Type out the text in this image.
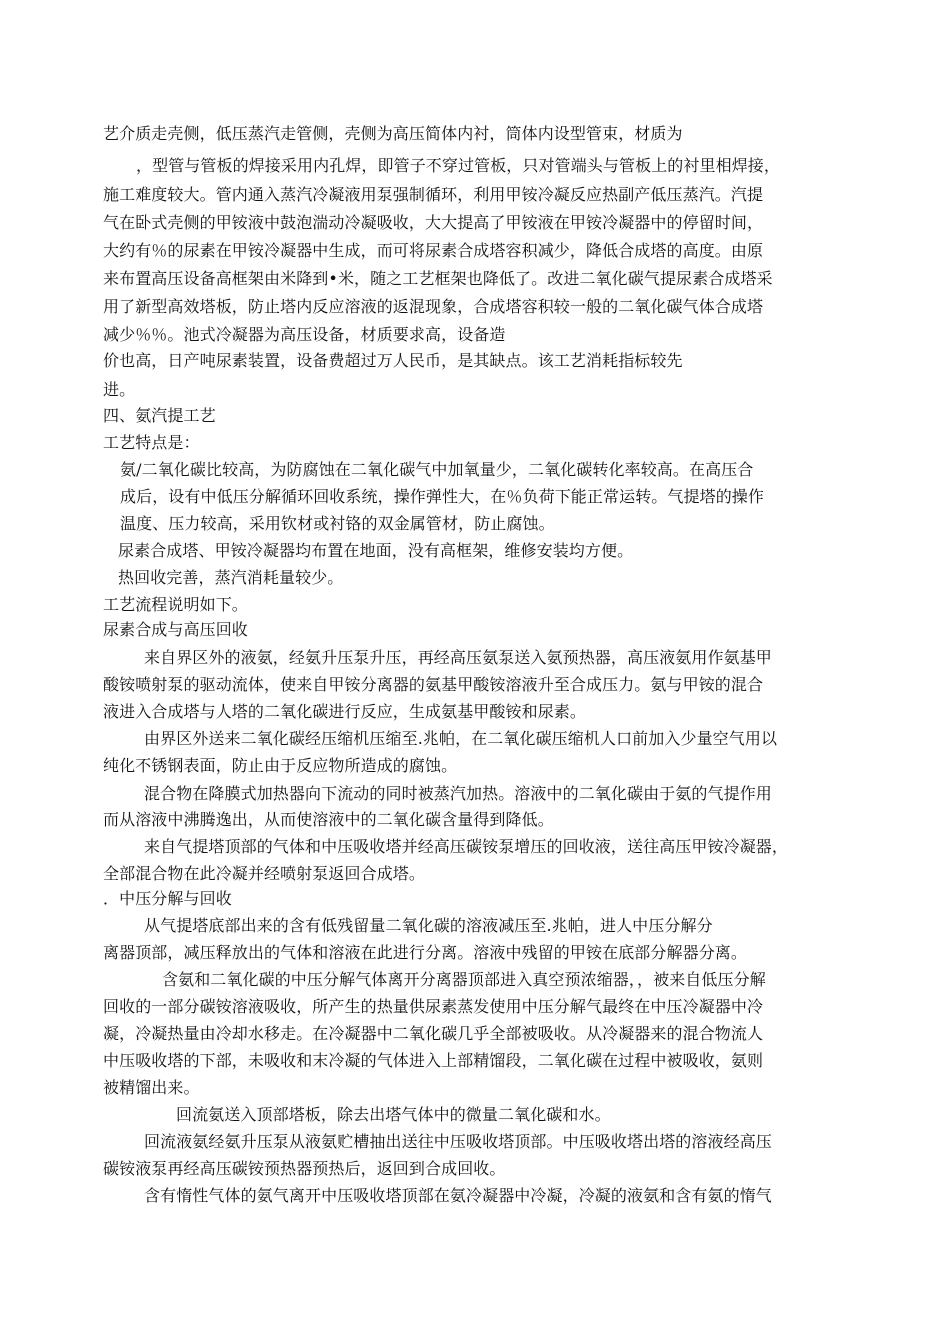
艺介质走壳侧，低压蒸汽走管侧，壳侧为高压简体内衬，筒体内设型管束，材质为
，型管与管板的焊接采用内孔焊，即管子不穿过管板，只对管端头与管板上的衬里相焊接，
施工难度较大。管内通入蒸汽冷凝液用泵强制循环，利用甲铵冷凝反应热副产低压蒸汽。汽提
气在卧式壳侧的甲铵液中鼓泡湍动冷凝吸收，大大提高了甲铵液在甲铵冷凝器中的停留时间，
大约有％的尿素在甲铵冷凝器中生成，而可将尿素合成塔容积减少，降低合成塔的高度。由原
来布置高压设备高框架由米降到•米，随之工艺框架也降低了。改进二氧化碳气提尿素合成塔采
用了新型高效塔板，防止塔内反应溶液的返混现象，合成塔容积较一般的二氧化碳气体合成塔
减少％％。池式冷凝器为高压设备，材质要求高，设备造
价也高，日产吨尿素装置，设备费超过万人民币，是其缺点。该工艺消耗指标较先
进。
四、氨汽提工艺
工艺特点是：
氨/二氧化碳比较高，为防腐蚀在二氧化碳气中加氧量少，二氧化碳转化率较高。在高压合
成后，设有中低压分解循环回收系统，操作弹性大，在％负荷下能正常运转。气提塔的操作
温度、压力较高，采用钦材或衬铬的双金属管材，防止腐蚀。
尿素合成塔、甲铵冷凝器均布置在地面，没有高框架，维修安装均方便。
热回收完善，蒸汽消耗量较少。
工艺流程说明如下。
尿素合成与高压回收
来自界区外的液氨，经氨升压泵升压，再经高压氨泵送入氨预热器，高压液氨用作氨基甲
酸铵喷射泵的驱动流体，使来自甲铵分离器的氨基甲酸铵溶液升至合成压力。氨与甲铵的混合
液进入合成塔与人塔的二氧化碳进行反应，生成氨基甲酸铵和尿素。
由界区外送来二氧化碳经压缩机压缩至.兆帕，在二氧化碳压缩机人口前加入少量空气用以
纯化不锈钢表面，防止由于反应物所造成的腐蚀。
混合物在降膜式加热器向下流动的同时被蒸汽加热。溶液中的二氧化碳由于氨的气提作用
而从溶液中沸腾逸出，从而使溶液中的二氧化碳含量得到降低。
来自气提塔顶部的气体和中压吸收塔并经高压碳铵泵增压的回收液，送往高压甲铵冷凝器，
全部混合物在此冷凝并经喷射泵返回合成塔。
．中压分解与回收
从气提塔底部出来的含有低残留量二氧化碳的溶液减压至.兆帕，进人中压分解分
离器顶部，减压释放出的气体和溶液在此进行分离。溶液中残留的甲铵在底部分解器分离。
含氨和二氧化碳的中压分解气体离开分离器顶部进入真空预浓缩器，，被来自低压分解
回收的一部分碳铵溶液吸收，所产生的热量供尿素蒸发使用中压分解气最终在中压冷凝器中冷
凝，冷凝热量由冷却水移走。在冷凝器中二氧化碳几乎全部被吸收。从冷凝器来的混合物流人
中压吸收塔的下部，未吸收和末冷凝的气体进入上部精馏段，二氧化碳在过程中被吸收，氨则
被精馏出来。
回流氨送入顶部塔板，除去出塔气体中的微量二氧化碳和水。
回流液氨经氨升压泵从液氨贮槽抽出送往中压吸收塔顶部。中压吸收塔出塔的溶液经高压
碳铵液泵再经高压碳铵预热器预热后，返回到合成回收。
含有惰性气体的氨气离开中压吸收塔顶部在氨冷凝器中冷凝，冷凝的液氨和含有氨的惰气
